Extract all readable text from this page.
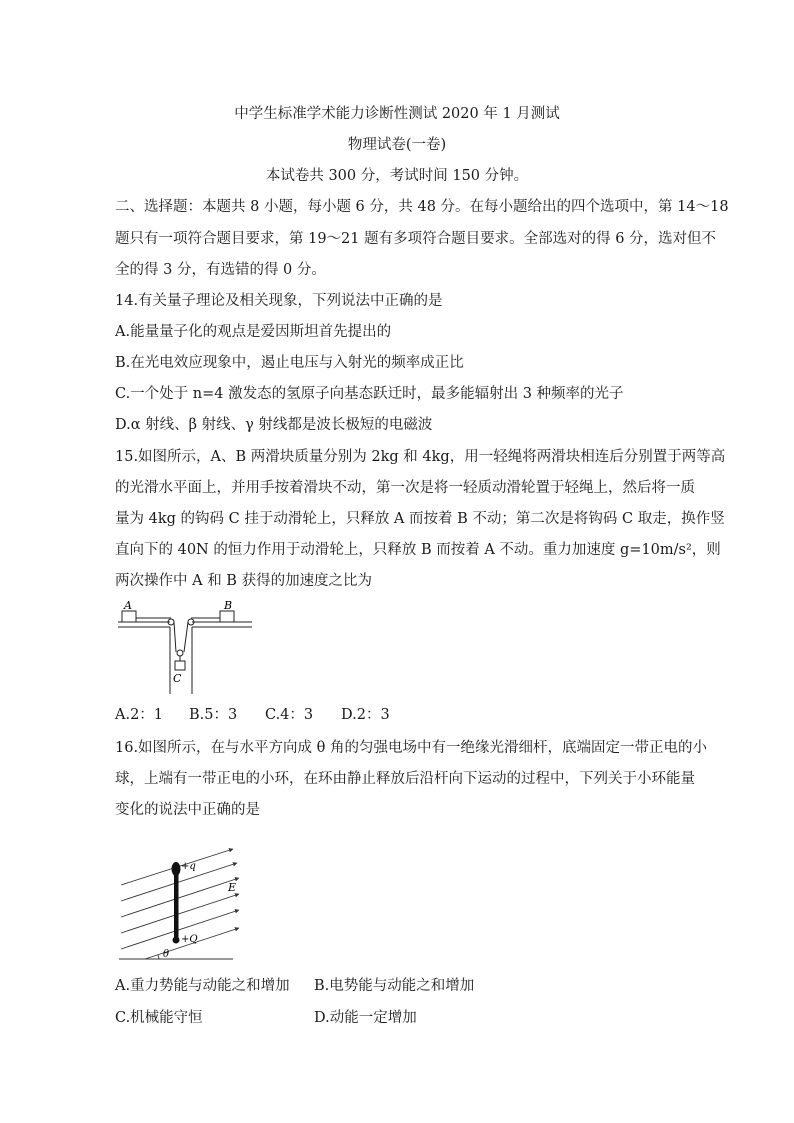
中学生标准学术能力诊断性测试 2020 年 1 月测试
物理试卷(一卷)
本试卷共 300 分，考试时间 150 分钟。
二、选择题：本题共 8 小题，每小题 6 分，共 48 分。在每小题给出的四个选项中，第 14～18
题只有一项符合题目要求，第 19～21 题有多项符合题目要求。全部选对的得 6 分，选对但不
全的得 3 分，有选错的得 0 分。
14.有关量子理论及相关现象，下列说法中正确的是
A.能量量子化的观点是爱因斯坦首先提出的
B.在光电效应现象中，遏止电压与入射光的频率成正比
C.一个处于 n=4 激发态的氢原子向基态跃迁时，最多能辐射出 3 种频率的光子
D.α 射线、β 射线、γ 射线都是波长极短的电磁波
15.如图所示，A、B 两滑块质量分别为 2kg 和 4kg，用一轻绳将两滑块相连后分别置于两等高
的光滑水平面上，并用手按着滑块不动，第一次是将一轻质动滑轮置于轻绳上，然后将一质
量为 4kg 的钩码 C 挂于动滑轮上，只释放 A 而按着 B 不动；第二次是将钩码 C 取走，换作竖
直向下的 40N 的恒力作用于动滑轮上，只释放 B 而按着 A 不动。重力加速度 g=10m/s²，则
两次操作中 A 和 B 获得的加速度之比为
A	B
C
A.2：1 B.5：3 C.4：3 D.2：3
16.如图所示，在与水平方向成 θ 角的匀强电场中有一绝缘光滑细杆，底端固定一带正电的小
球，上端有一带正电的小环，在环由静止释放后沿杆向下运动的过程中，下列关于小环能量
变化的说法中正确的是
+q
+Q
E
θ
A.重力势能与动能之和增加 B.电势能与动能之和增加
C.机械能守恒	D.动能一定增加
